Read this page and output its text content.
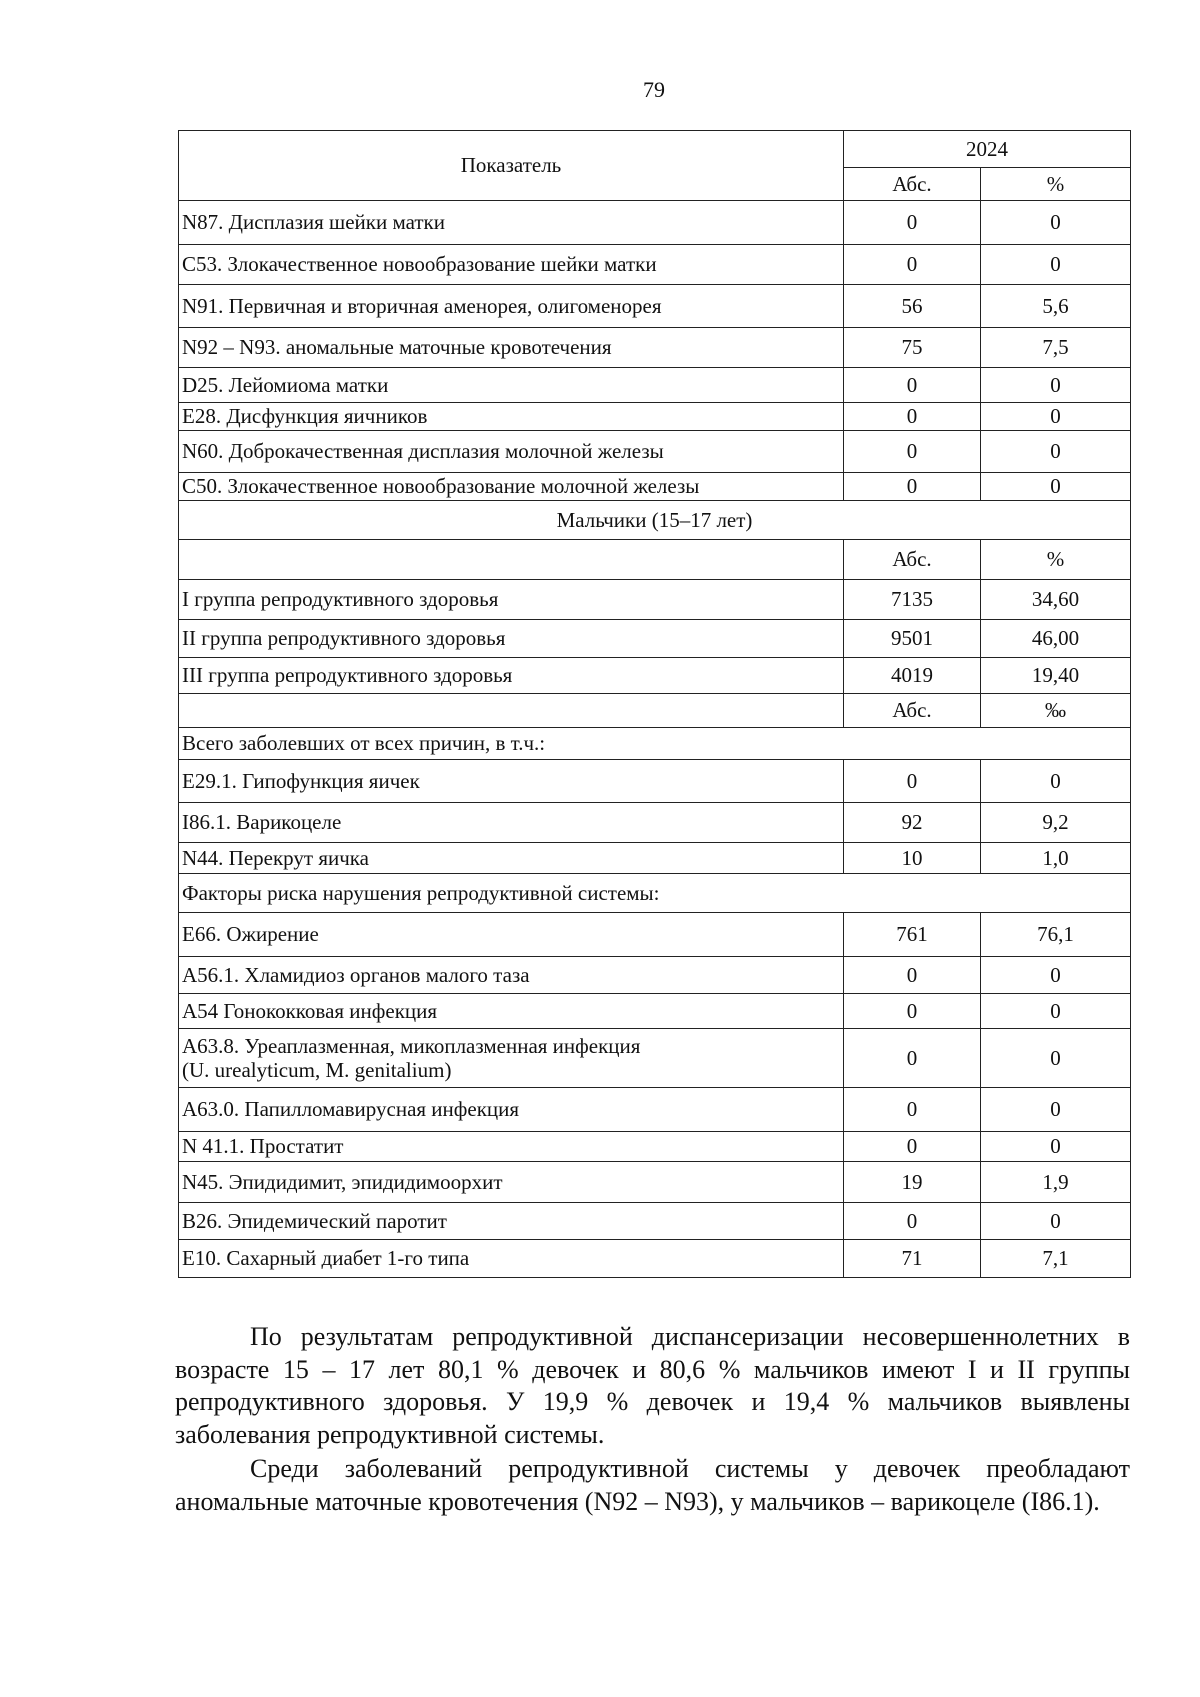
79
Показатель	2024	
	Абс.	%
N87. Дисплазия шейки матки	0	0
C53. Злокачественное новообразование шейки матки	0	0
N91. Первичная и вторичная аменорея, олигоменорея	56	5,6
N92 – N93. аномальные маточные кровотечения	75	7,5
D25. Лейомиома матки	0	0
E28. Дисфункция яичников	0	0
N60. Доброкачественная дисплазия молочной железы	0	0
C50. Злокачественное новообразование молочной железы	0	0
Мальчики (15–17 лет)		
	Абс.	%
I группа репродуктивного здоровья	7135	34,60
II группа репродуктивного здоровья	9501	46,00
III группа репродуктивного здоровья	4019	19,40
	Абс.	‰
Всего заболевших от всех причин, в т.ч.:		
E29.1. Гипофункция яичек	0	0
I86.1. Варикоцеле	92	9,2
N44. Перекрут яичка	10	1,0
Факторы риска нарушения репродуктивной системы:		
E66. Ожирение	761	76,1
A56.1. Хламидиоз органов малого таза	0	0
A54 Гонококковая инфекция	0	0
A63.8. Уреаплазменная, микоплазменная инфекция
(U. urealyticum, M. genitalium)	0	0
A63.0. Папилломавирусная инфекция	0	0
N 41.1. Простатит	0	0
N45. Эпидидимит, эпидидимоорхит	19	1,9
B26. Эпидемический паротит	0	0
E10. Сахарный диабет 1-го типа	71	7,1

По результатам репродуктивной диспансеризации несовершеннолетних в возрасте 15 – 17 лет 80,1 % девочек и 80,6 % мальчиков имеют I и II группы репродуктивного здоровья. У 19,9 % девочек и 19,4 % мальчиков выявлены заболевания репродуктивной системы.

Среди заболеваний репродуктивной системы у девочек преобладают аномальные маточные кровотечения (N92 – N93), у мальчиков – варикоцеле (I86.1).
